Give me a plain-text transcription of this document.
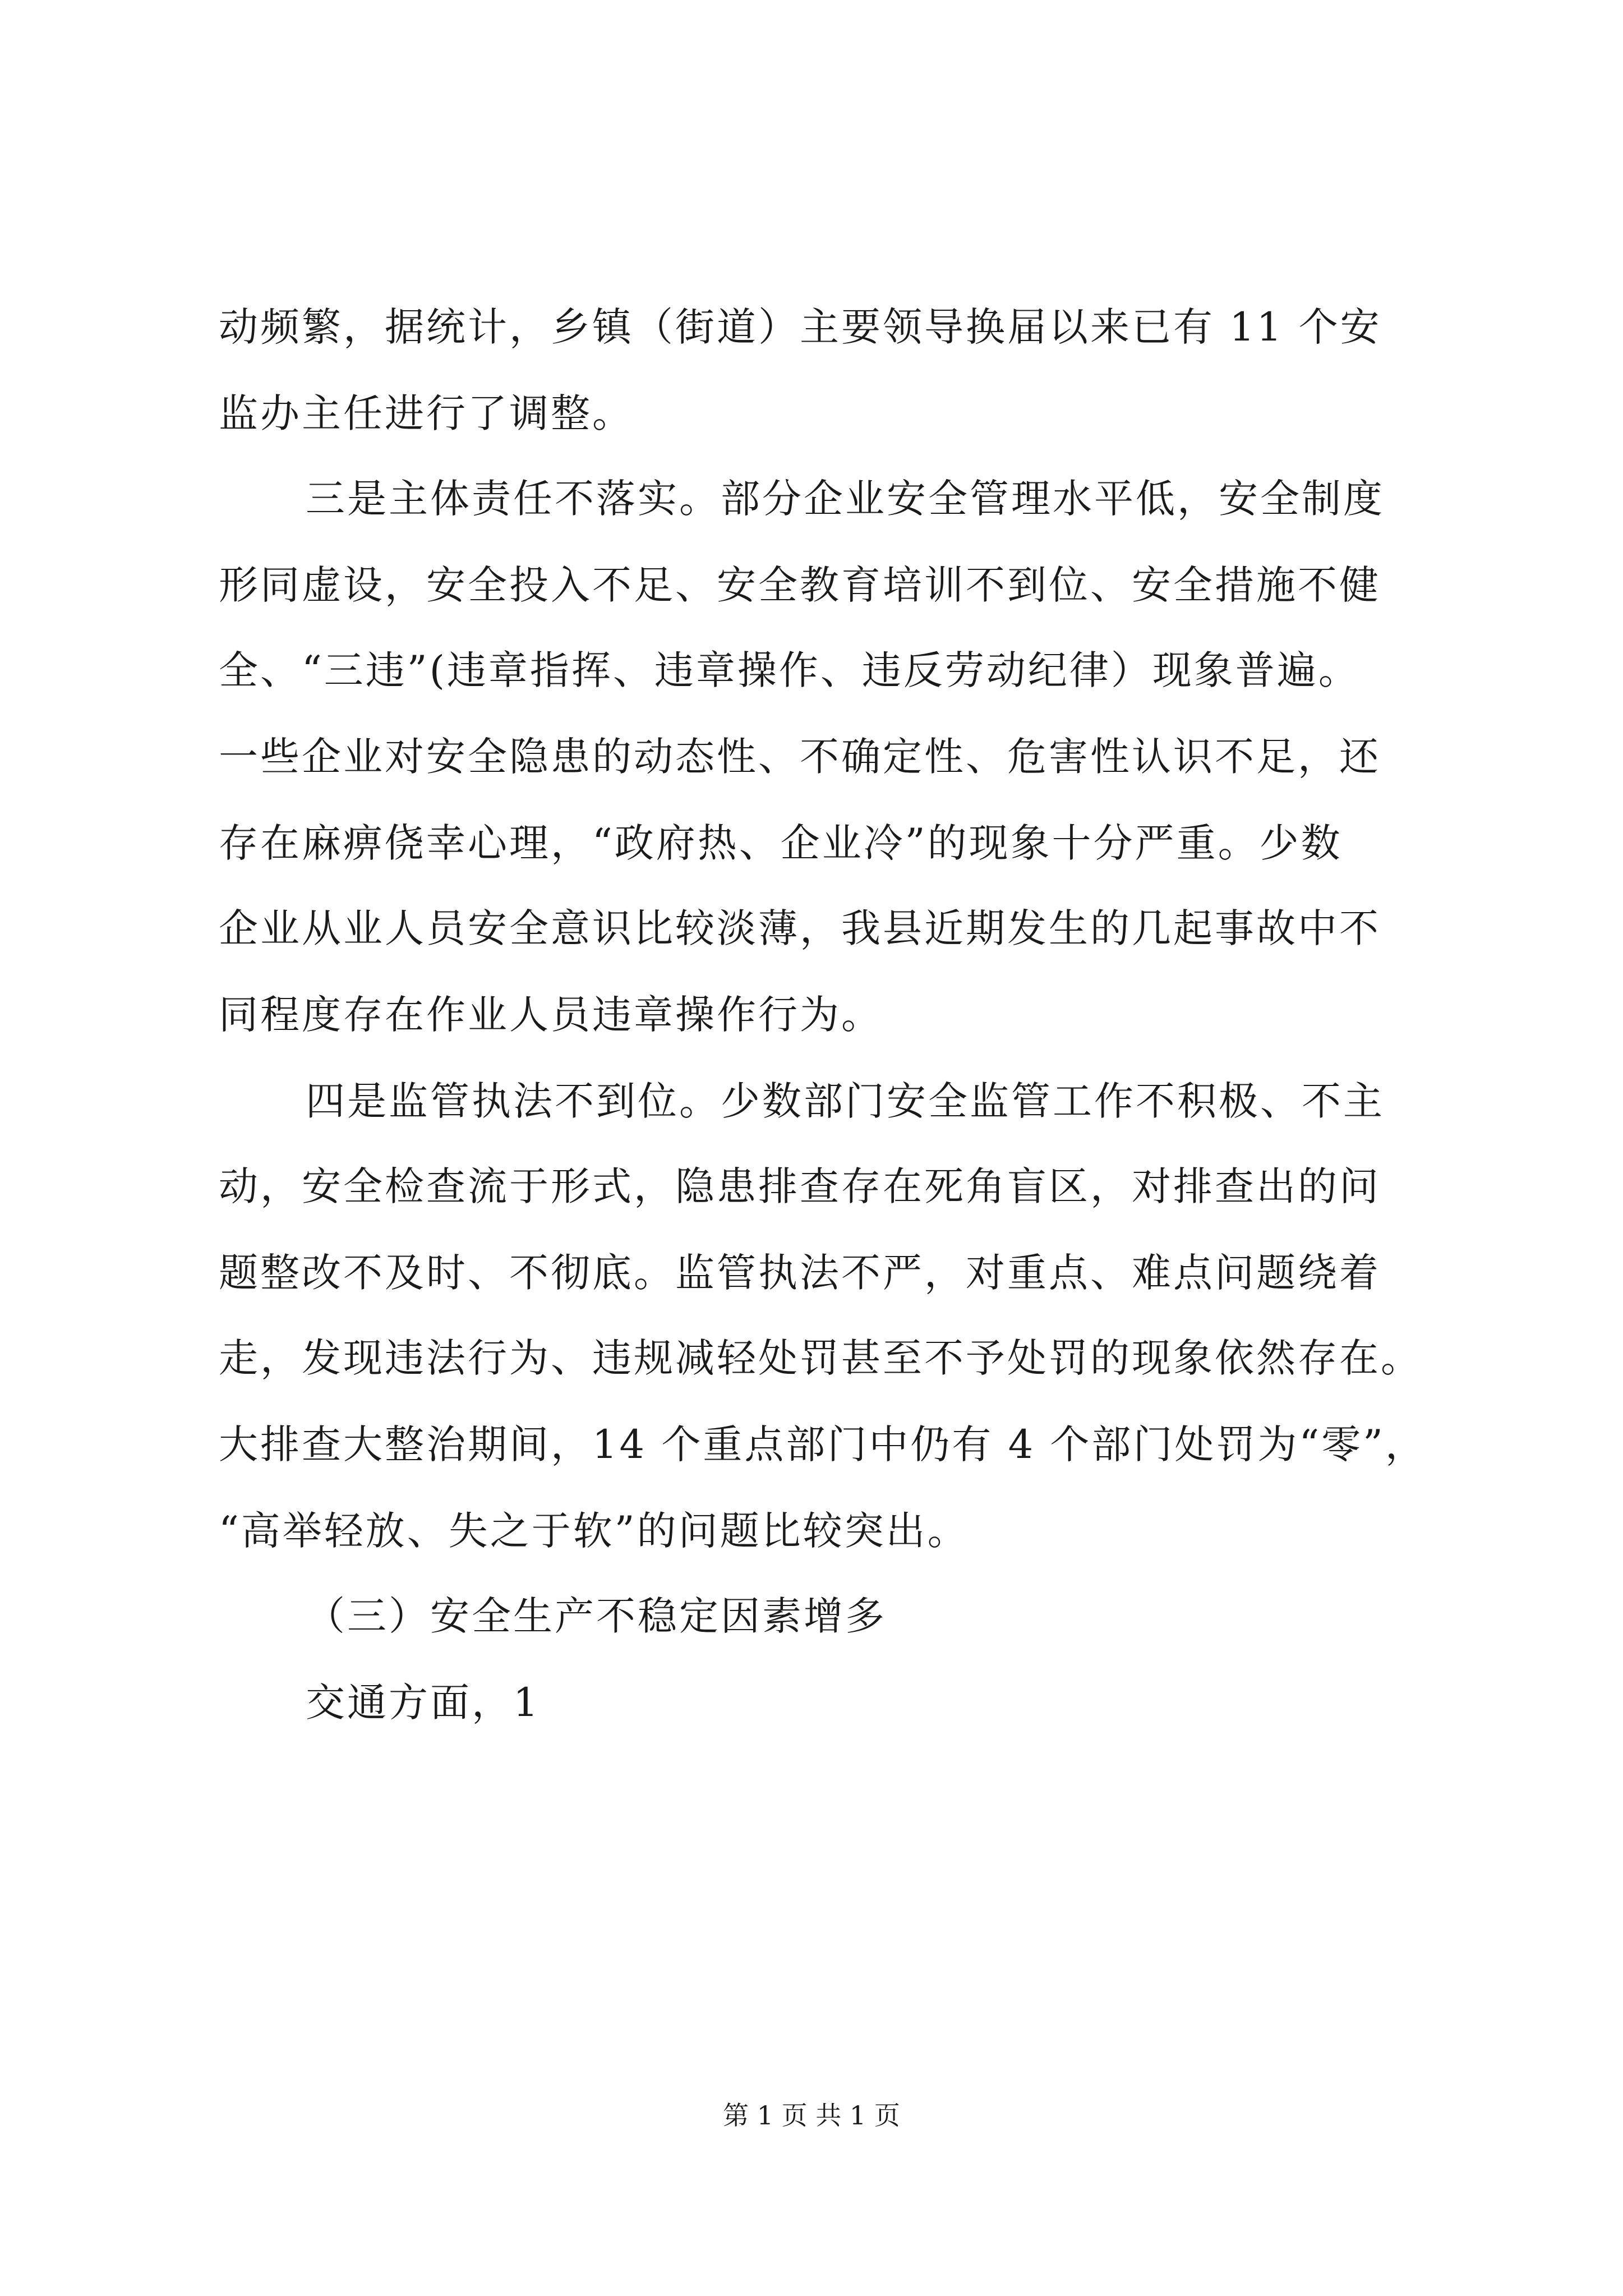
动频繁，据统计，乡镇（街道）主要领导换届以来已有 11 个安
监办主任进行了调整。
三是主体责任不落实。部分企业安全管理水平低，安全制度
形同虚设，安全投入不足、安全教育培训不到位、安全措施不健
全、“三违”(违章指挥、违章操作、违反劳动纪律）现象普遍。
一些企业对安全隐患的动态性、不确定性、危害性认识不足，还
存在麻痹侥幸心理，“政府热、企业冷”的现象十分严重。少数
企业从业人员安全意识比较淡薄，我县近期发生的几起事故中不
同程度存在作业人员违章操作行为。
四是监管执法不到位。少数部门安全监管工作不积极、不主
动，安全检查流于形式，隐患排查存在死角盲区，对排查出的问
题整改不及时、不彻底。监管执法不严，对重点、难点问题绕着
走，发现违法行为、违规减轻处罚甚至不予处罚的现象依然存在。
大排查大整治期间，14 个重点部门中仍有 4 个部门处罚为“零”，
“高举轻放、失之于软”的问题比较突出。
（三）安全生产不稳定因素增多
交通方面，1
第 1 页 共 1 页
